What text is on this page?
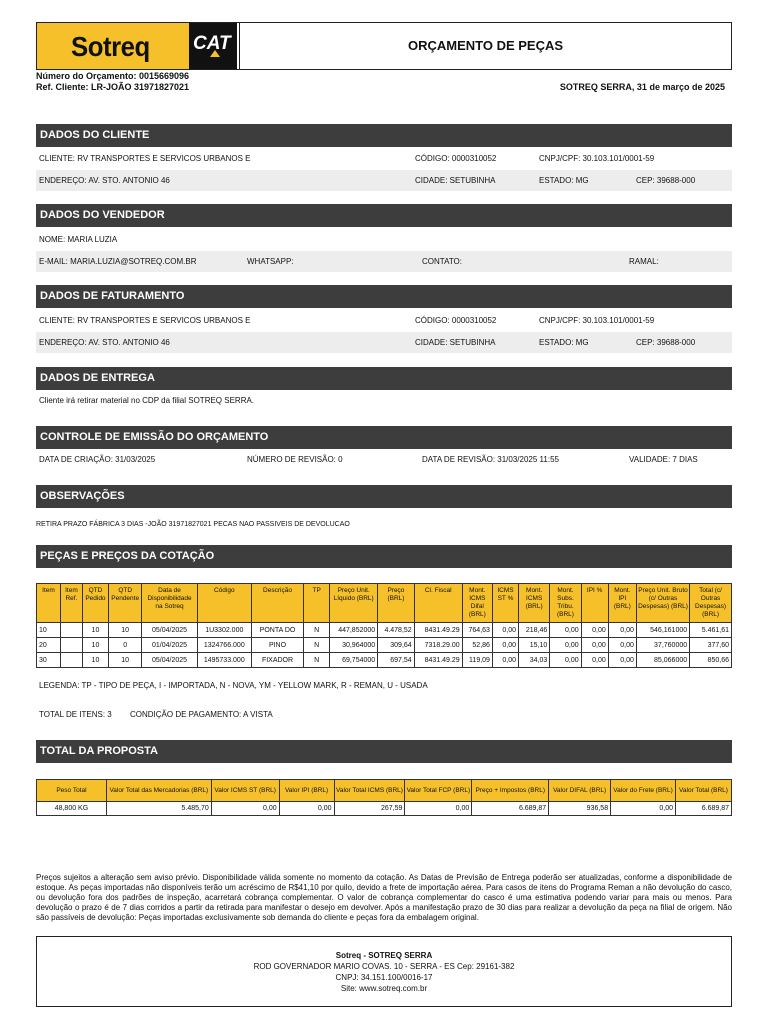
Sotreq CAT	ORÇAMENTO DE PEÇAS
Número do Orçamento: 0015669096
Ref. Cliente: LR-JOÃO 31971827021	SOTREQ SERRA, 31 de março de 2025
DADOS DO CLIENTE
CLIENTE: RV TRANSPORTES E SERVICOS URBANOS E	CÓDIGO: 0000310052	CNPJ/CPF: 30.103.101/0001-59
ENDEREÇO: AV. STO. ANTONIO 46	CIDADE: SETUBINHA	ESTADO: MG	CEP: 39688-000
DADOS DO VENDEDOR
NOME: MARIA LUZIA
E-MAIL: MARIA.LUZIA@SOTREQ.COM.BR	WHATSAPP:	CONTATO:	RAMAL:
DADOS DE FATURAMENTO
CLIENTE: RV TRANSPORTES E SERVICOS URBANOS E	CÓDIGO: 0000310052	CNPJ/CPF: 30.103.101/0001-59
ENDEREÇO: AV. STO. ANTONIO 46	CIDADE: SETUBINHA	ESTADO: MG	CEP: 39688-000
DADOS DE ENTREGA
Cliente irá retirar material no CDP da filial SOTREQ SERRA.
CONTROLE DE EMISSÃO DO ORÇAMENTO
DATA DE CRIAÇÃO: 31/03/2025	NÚMERO DE REVISÃO: 0	DATA DE REVISÃO: 31/03/2025 11:55	VALIDADE: 7 DIAS
OBSERVAÇÕES
RETIRA PRAZO FÁBRICA 3 DIAS -JOÃO 31971827021 PECAS NAO PASSIVEIS DE DEVOLUCAO
PEÇAS E PREÇOS DA COTAÇÃO
Item	Item Ref.	QTD Pedido	QTD Pendente	Data de Disponibilidade na Sotreq	Código	Descrição	TP	Preço Unit. Líquido (BRL)	Preço (BRL)	Cl. Fiscal	Mont. ICMS Difal (BRL)	ICMS ST %	Mont. ICMS (BRL)	Mont. Subs. Tribu. (BRL)	IPI %	Mont. IPI (BRL)	Preço Unit. Bruto (c/ Outras Despesas) (BRL)	Total (c/ Outras Despesas) (BRL)
10		10	10	05/04/2025	1U3302.000	PONTA DO	N	447,852000	4.478,52	8431.49.29	764,63	0,00	218,46	0,00	0,00	0,00	546,161000	5.461,61
20		10	0	01/04/2025	1324766.000	PINO	N	30,964000	309,64	7318.29.00	52,86	0,00	15,10	0,00	0,00	0,00	37,760000	377,60
30		10	10	05/04/2025	1495733.000	FIXADOR	N	69,754000	697,54	8431.49.29	119,09	0,00	34,03	0,00	0,00	0,00	85,066000	850,66
LEGENDA: TP - TIPO DE PEÇA, I - IMPORTADA, N - NOVA, YM - YELLOW MARK, R - REMAN, U - USADA
TOTAL DE ITENS: 3 CONDIÇÃO DE PAGAMENTO: A VISTA
TOTAL DA PROPOSTA
Peso Total	Valor Total das Mercadorias (BRL)	Valor ICMS ST (BRL)	Valor IPI (BRL)	Valor Total ICMS (BRL)	Valor Total FCP (BRL)	Preço + Impostos (BRL)	Valor DIFAL (BRL)	Valor do Frete (BRL)	Valor Total (BRL)
48,800 KG	5.485,70	0,00	0,00	267,59	0,00	6.689,87	936,58	0,00	6.689,87
Preços sujeitos a alteração sem aviso prévio. Disponibilidade válida somente no momento da cotação. As Datas de Previsão de Entrega poderão ser atualizadas, conforme a disponibilidade de estoque. As peças importadas não disponíveis terão um acréscimo de R$41,10 por quilo, devido a frete de importação aérea. Para casos de itens do Programa Reman a não devolução do casco, ou devolução fora dos padrões de inspeção, acarretará cobrança complementar. O valor de cobrança complementar do casco é uma estimativa podendo variar para mais ou menos. Para devolução o prazo é de 7 dias corridos a partir da retirada para manifestar o desejo em devolver. Após a manifestação prazo de 30 dias para realizar a devolução da peça na filial de origem. Não são passíveis de devolução: Peças importadas exclusivamente sob demanda do cliente e peças fora da embalagem original.
Sotreq - SOTREQ SERRA
ROD GOVERNADOR MARIO COVAS. 10 - SERRA - ES Cep: 29161-382
CNPJ: 34.151.100/0016-17
Site: www.sotreq.com.br
